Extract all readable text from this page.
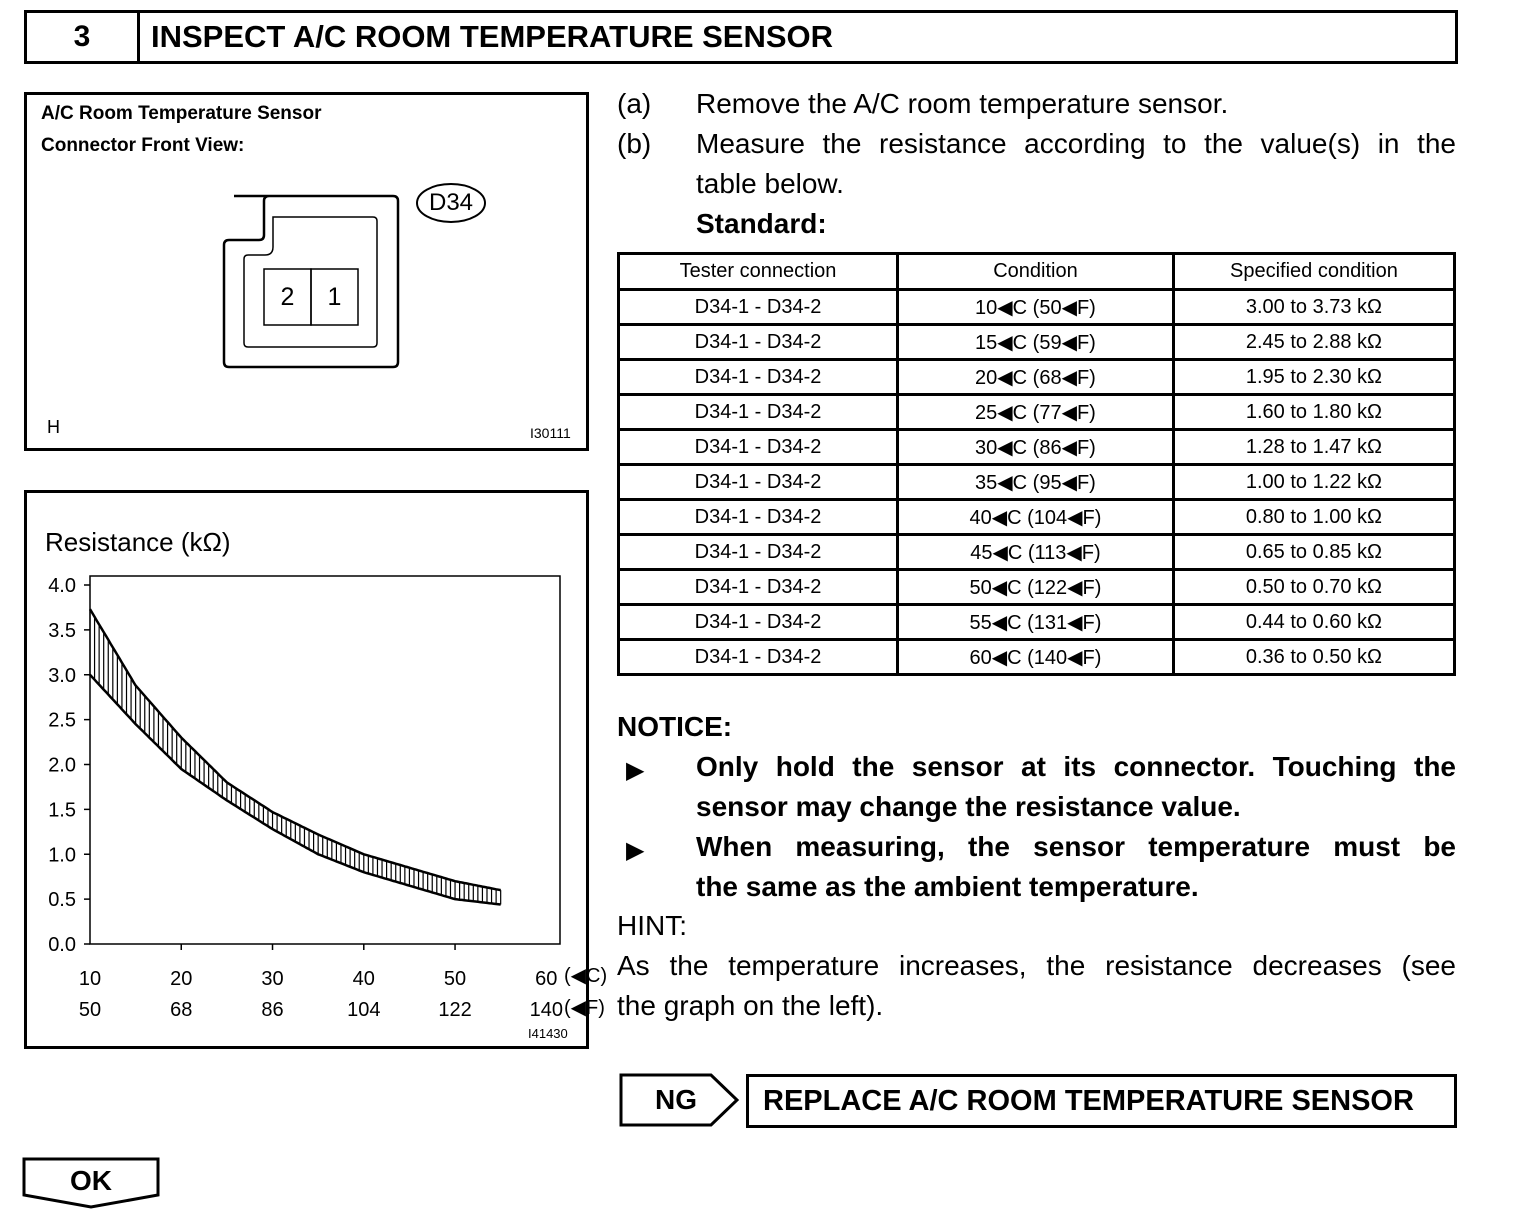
3	INSPECT A/C ROOM TEMPERATURE SENSOR
A/C Room Temperature Sensor
Connector Front View:
2	1
D34
H	I30111
4.0
3.5
3.0
2.5
2.0
1.5
1.0
0.5
0.0
10
50
20
68
30
86
40
104
50
122
60
140
(◀C)
(◀F)
Resistance (kΩ)
I41430
(a) Remove the A/C room temperature sensor.
(b) Measure the resistance according to the value(s) in the
table below.
Standard:
Tester connection	Condition	Specified condition
D34-1 - D34-2	10◀C (50◀F)	3.00 to 3.73 kΩ
D34-1 - D34-2	15◀C (59◀F)	2.45 to 2.88 kΩ
D34-1 - D34-2	20◀C (68◀F)	1.95 to 2.30 kΩ
D34-1 - D34-2	25◀C (77◀F)	1.60 to 1.80 kΩ
D34-1 - D34-2	30◀C (86◀F)	1.28 to 1.47 kΩ
D34-1 - D34-2	35◀C (95◀F)	1.00 to 1.22 kΩ
D34-1 - D34-2	40◀C (104◀F)	0.80 to 1.00 kΩ
D34-1 - D34-2	45◀C (113◀F)	0.65 to 0.85 kΩ
D34-1 - D34-2	50◀C (122◀F)	0.50 to 0.70 kΩ
D34-1 - D34-2	55◀C (131◀F)	0.44 to 0.60 kΩ
D34-1 - D34-2	60◀C (140◀F)	0.36 to 0.50 kΩ
NOTICE:
▶ Only hold the sensor at its connector. Touching the
sensor may change the resistance value.
▶ When measuring, the sensor temperature must be
the same as the ambient temperature.
HINT:
As the temperature increases, the resistance decreases (see
the graph on the left).
NG	REPLACE A/C ROOM TEMPERATURE SENSOR
OK
